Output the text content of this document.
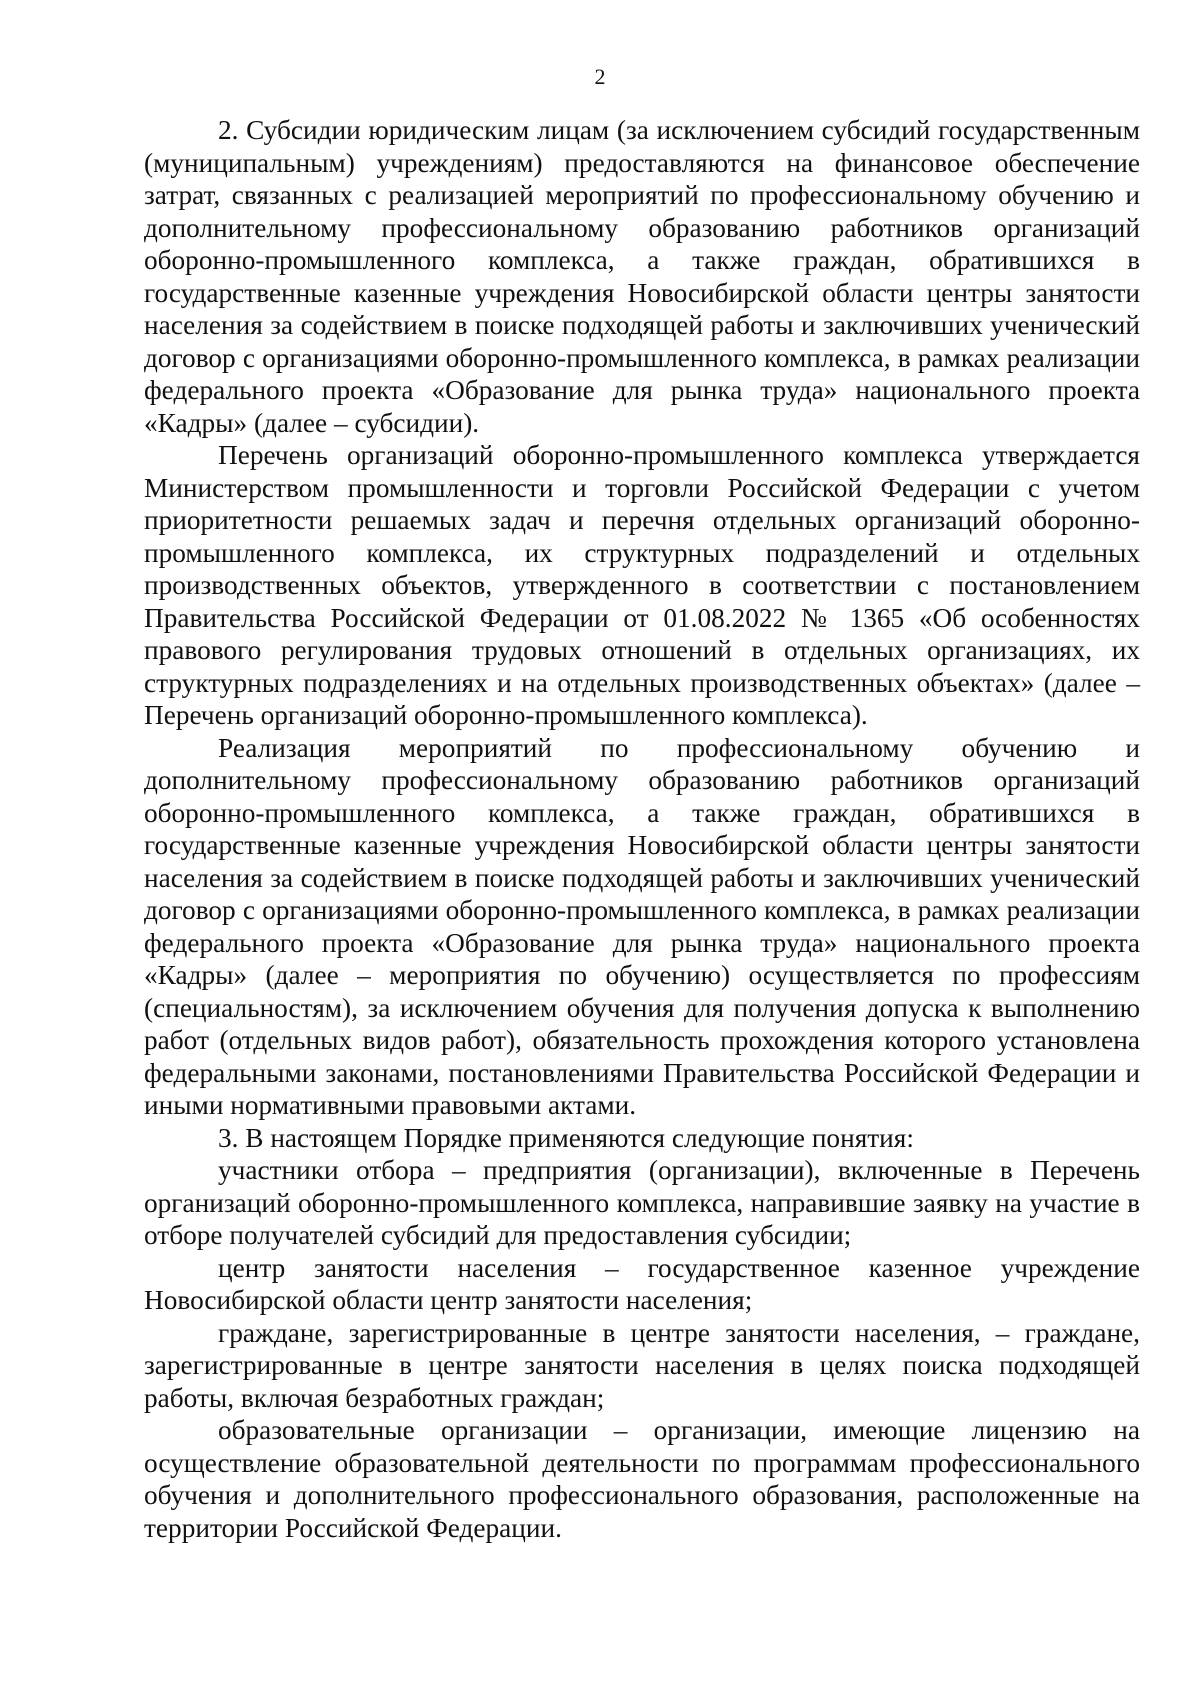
2

2. Субсидии юридическим лицам (за исключением субсидий государственным (муниципальным) учреждениям) предоставляются на финансовое обеспечение затрат, связанных с реализацией мероприятий по профессиональному обучению и дополнительному профессиональному образованию работников организаций оборонно-промышленного комплекса, а также граждан, обратившихся в государственные казенные учреждения Новосибирской области центры занятости населения за содействием в поиске подходящей работы и заключивших ученический договор с организациями оборонно-промышленного комплекса, в рамках реализации федерального проекта «Образование для рынка труда» национального проекта «Кадры» (далее – субсидии).

Перечень организаций оборонно-промышленного комплекса утверждается Министерством промышленности и торговли Российской Федерации с учетом приоритетности решаемых задач и перечня отдельных организаций оборонно-промышленного комплекса, их структурных подразделений и отдельных производственных объектов, утвержденного в соответствии с постановлением Правительства Российской Федерации от 01.08.2022 № 1365 «Об особенностях правового регулирования трудовых отношений в отдельных организациях, их структурных подразделениях и на отдельных производственных объектах» (далее – Перечень организаций оборонно-промышленного комплекса).

Реализация мероприятий по профессиональному обучению и дополнительному профессиональному образованию работников организаций оборонно-промышленного комплекса, а также граждан, обратившихся в государственные казенные учреждения Новосибирской области центры занятости населения за содействием в поиске подходящей работы и заключивших ученический договор с организациями оборонно-промышленного комплекса, в рамках реализации федерального проекта «Образование для рынка труда» национального проекта «Кадры» (далее – мероприятия по обучению) осуществляется по профессиям (специальностям), за исключением обучения для получения допуска к выполнению работ (отдельных видов работ), обязательность прохождения которого установлена федеральными законами, постановлениями Правительства Российской Федерации и иными нормативными правовыми актами.

3. В настоящем Порядке применяются следующие понятия:

участники отбора – предприятия (организации), включенные в Перечень организаций оборонно-промышленного комплекса, направившие заявку на участие в отборе получателей субсидий для предоставления субсидии;

центр занятости населения – государственное казенное учреждение Новосибирской области центр занятости населения;

граждане, зарегистрированные в центре занятости населения, – граждане, зарегистрированные в центре занятости населения в целях поиска подходящей работы, включая безработных граждан;

образовательные организации – организации, имеющие лицензию на осуществление образовательной деятельности по программам профессионального обучения и дополнительного профессионального образования, расположенные на территории Российской Федерации.
